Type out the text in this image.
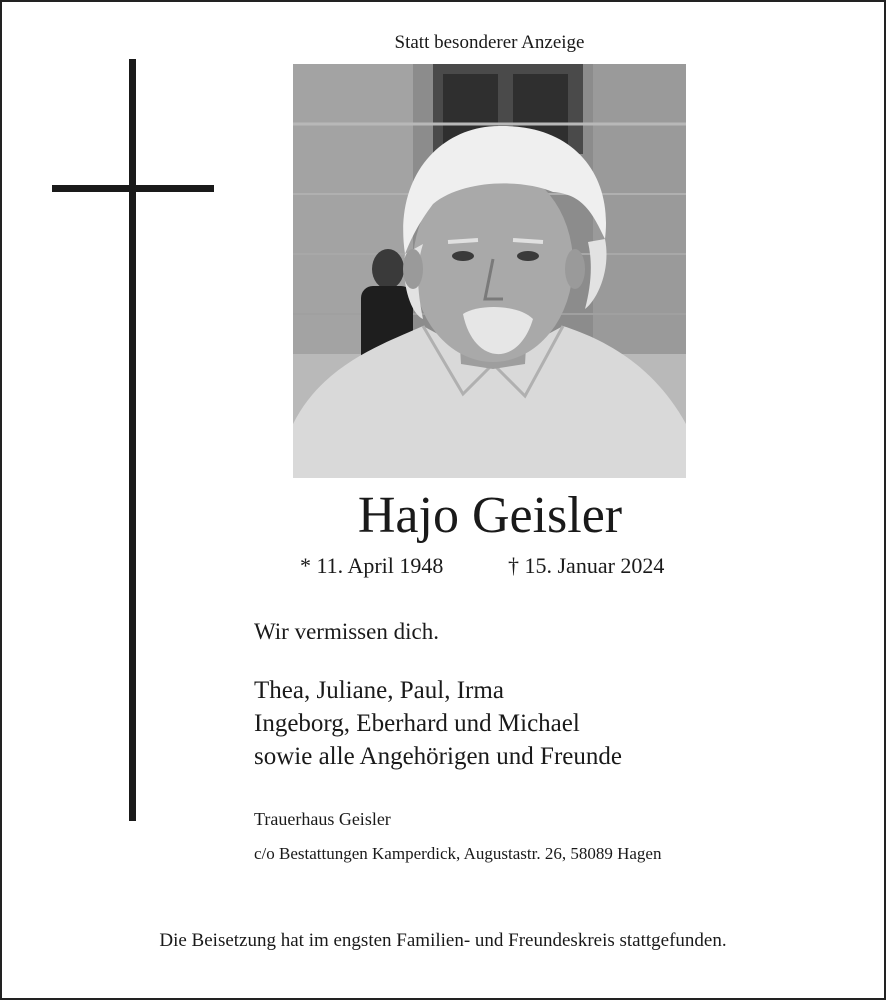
Statt besonderer Anzeige
Hajo Geisler
* 11. April 1948	† 15. Januar 2024
Wir vermissen dich.
Thea, Juliane, Paul, Irma
Ingeborg, Eberhard und Michael
sowie alle Angehörigen und Freunde
Trauerhaus Geisler
c/o Bestattungen Kamperdick, Augustastr. 26, 58089 Hagen
Die Beisetzung hat im engsten Familien- und Freundeskreis stattgefunden.
